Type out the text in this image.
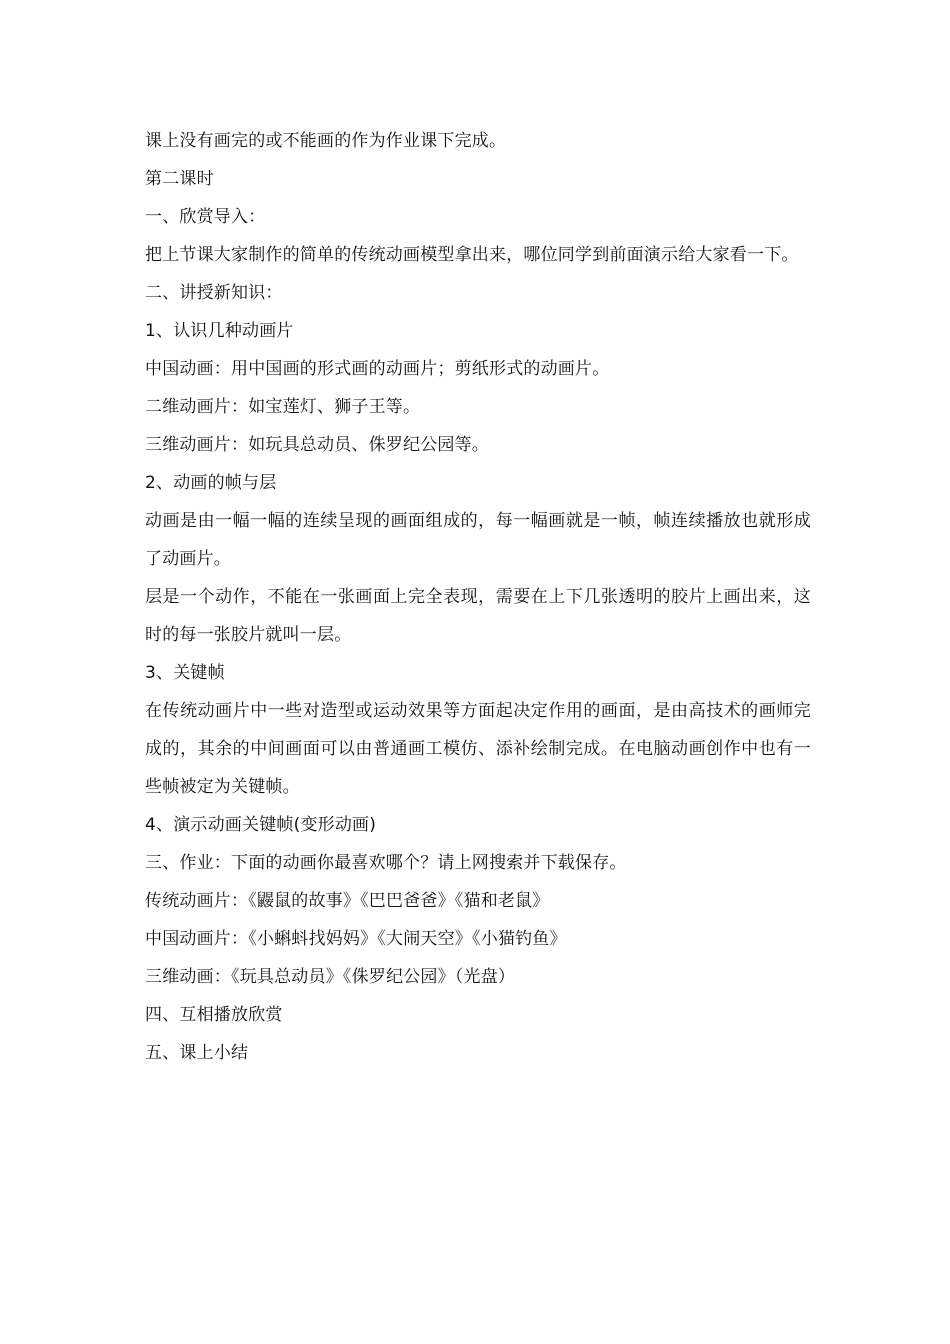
课上没有画完的或不能画的作为作业课下完成。
第二课时
一、欣赏导入：
把上节课大家制作的简单的传统动画模型拿出来，哪位同学到前面演示给大家看一下。
二、讲授新知识：
1、认识几种动画片
中国动画：用中国画的形式画的动画片；剪纸形式的动画片。
二维动画片：如宝莲灯、狮子王等。
三维动画片：如玩具总动员、侏罗纪公园等。
2、动画的帧与层
动画是由一幅一幅的连续呈现的画面组成的，每一幅画就是一帧，帧连续播放也就形成了动画片。
层是一个动作，不能在一张画面上完全表现，需要在上下几张透明的胶片上画出来，这时的每一张胶片就叫一层。
3、关键帧
在传统动画片中一些对造型或运动效果等方面起决定作用的画面，是由高技术的画师完成的，其余的中间画面可以由普通画工模仿、添补绘制完成。在电脑动画创作中也有一些帧被定为关键帧。
4、演示动画关键帧(变形动画)
三、作业：下面的动画你最喜欢哪个？请上网搜索并下载保存。
传统动画片：《鼹鼠的故事》《巴巴爸爸》《猫和老鼠》
中国动画片：《小蝌蚪找妈妈》《大闹天空》《小猫钓鱼》
三维动画：《玩具总动员》《侏罗纪公园》（光盘）
四、互相播放欣赏
五、课上小结
